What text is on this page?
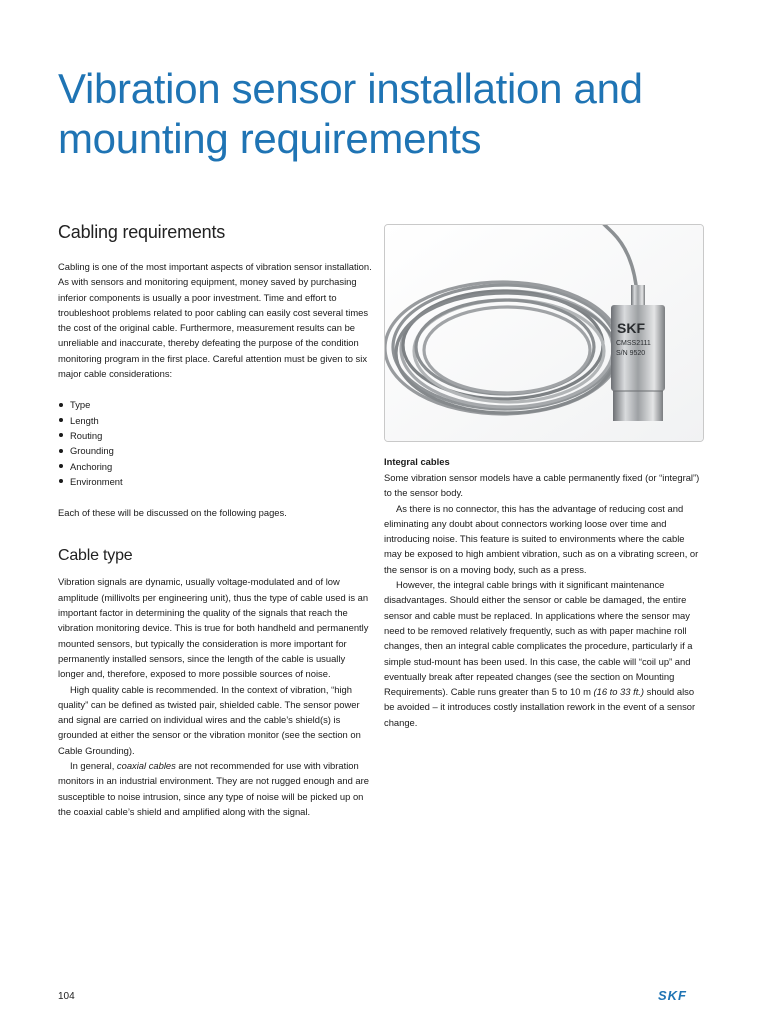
Vibration sensor installation and mounting requirements
Cabling requirements

Cabling is one of the most important aspects of vibration sensor installation. As with sensors and monitoring equipment, money saved by purchasing inferior components is usually a poor investment. Time and effort to troubleshoot problems related to poor cabling can easily cost several times the cost of the original cable. Furthermore, measurement results can be unreliable and inaccurate, thereby defeating the purpose of the condition monitoring program in the first place. Careful attention must be given to six major cable considerations:

Type
Length
Routing
Grounding
Anchoring
Environment

Each of these will be discussed on the following pages.

Cable type

Vibration signals are dynamic, usually voltage-modulated and of low amplitude (millivolts per engineering unit), thus the type of cable used is an important factor in determining the quality of the signals that reach the vibration monitoring device. This is true for both handheld and permanently mounted sensors, but typically the consideration is more important for permanently installed sensors, since the length of the cable is usually longer and, therefore, exposed to more possible sources of noise.

High quality cable is recommended. In the context of vibration, “high quality” can be defined as twisted pair, shielded cable. The sensor power and signal are carried on individual wires and the cable’s shield(s) is grounded at either the sensor or the vibration monitor (see the section on Cable Grounding).

In general, coaxial cables are not recommended for use with vibration monitors in an industrial environment. They are not rugged enough and are susceptible to noise intrusion, since any type of noise will be picked up on the coaxial cable’s shield and amplified along with the signal.

SKF
CMSS2111
S/N 9520
Integral cables

Some vibration sensor models have a cable permanently fixed (or “integral”) to the sensor body.

As there is no connector, this has the advantage of reducing cost and eliminating any doubt about connectors working loose over time and introducing noise. This feature is suited to environments where the cable may be exposed to high ambient vibration, such as on a vibrating screen, or the sensor is on a moving body, such as a press.

However, the integral cable brings with it significant maintenance disadvantages. Should either the sensor or cable be damaged, the entire sensor and cable must be replaced. In applications where the sensor may need to be removed relatively frequently, such as with paper machine roll changes, then an integral cable complicates the procedure, particularly if a simple stud-mount has been used. In this case, the cable will “coil up” and eventually break after repeated changes (see the section on Mounting Requirements). Cable runs greater than 5 to 10 m (16 to 33 ft.) should also be avoided – it introduces costly installation rework in the event of a sensor change.

104	SKF
